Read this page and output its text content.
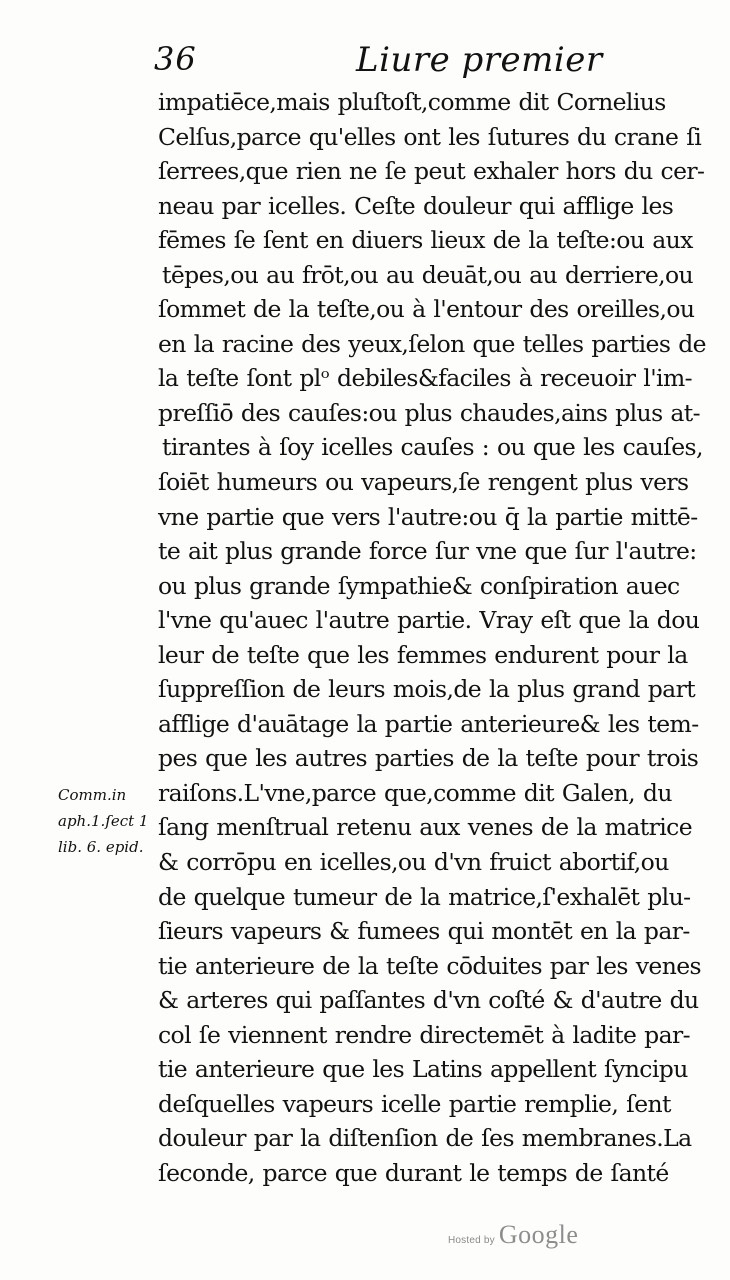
36	Liure premier
impatiēce,mais pluſtoſt,comme dit Cornelius
Celſus,parce qu'elles ont les ſutures du crane ſi
ſerrees,que rien ne ſe peut exhaler hors du cer-
neau par icelles. Ceſte douleur qui afflige les
fēmes ſe ſent en diuers lieux de la teſte:ou aux
tēpes,ou au frōt,ou au deuāt,ou au derriere,ou
ſommet de la teſte,ou à l'entour des oreilles,ou
en la racine des yeux,ſelon que telles parties de
la teſte ſont plᵒ debiles&faciles à receuoir l'im-
preſſiō des cauſes:ou plus chaudes,ains plus at-
tirantes à ſoy icelles cauſes : ou que les cauſes,
ſoiēt humeurs ou vapeurs,ſe rengent plus vers
vne partie que vers l'autre:ou q̄ la partie mittē-
te ait plus grande force ſur vne que ſur l'autre:
ou plus grande ſympathie& conſpiration auec
l'vne qu'auec l'autre partie. Vray eſt que la dou
leur de teſte que les femmes endurent pour la
ſuppreſſion de leurs mois,de la plus grand part
afflige d'auātage la partie anterieure& les tem-
pes que les autres parties de la teſte pour trois
raiſons.L'vne,parce que,comme dit Galen, du
ſang menſtrual retenu aux venes de la matrice
& corrōpu en icelles,ou d'vn fruict abortif,ou
de quelque tumeur de la matrice,ſ'exhalēt plu-
ſieurs vapeurs & fumees qui montēt en la par-
tie anterieure de la teſte cōduites par les venes
& arteres qui paſſantes d'vn coſté & d'autre du
col ſe viennent rendre directemēt à ladite par-
tie anterieure que les Latins appellent ſyncipu
deſquelles vapeurs icelle partie remplie, ſent
douleur par la diſtenſion de ſes membranes.La
ſeconde, parce que durant le temps de ſanté
Comm.in
aph.1.ſect 1
lib. 6. epid.
Hosted by Google
